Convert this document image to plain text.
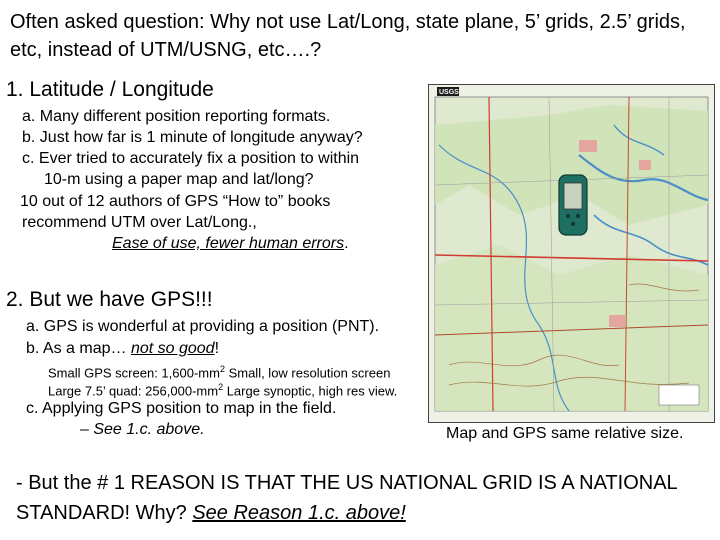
Often asked question: Why not use Lat/Long, state plane, 5’ grids, 2.5’ grids, etc, instead of UTM/USNG, etc….?
1. Latitude / Longitude
a. Many different position reporting formats.
b. Just how far is 1 minute of longitude anyway?
c. Ever tried to accurately fix a position to within
10-m using a paper map and lat/long?
10 out of 12 authors of GPS “How to” books
recommend UTM over Lat/Long.,
Ease of use, fewer human errors.
2. But we have GPS!!!
a. GPS is wonderful at providing a position (PNT).
b. As a map… not so good!
Small GPS screen: $1,600-mm^2$ Small, low resolution screen
Large 7.5’ quad: $256,000-mm^2$ Large synoptic, high res view.
c. Applying GPS position to map in the field.
– See 1.c. above.
USGS
Map and GPS same relative size.
- But the # 1 REASON IS THAT THE US NATIONAL GRID IS A NATIONAL STANDARD! Why? See Reason 1.c. above!
